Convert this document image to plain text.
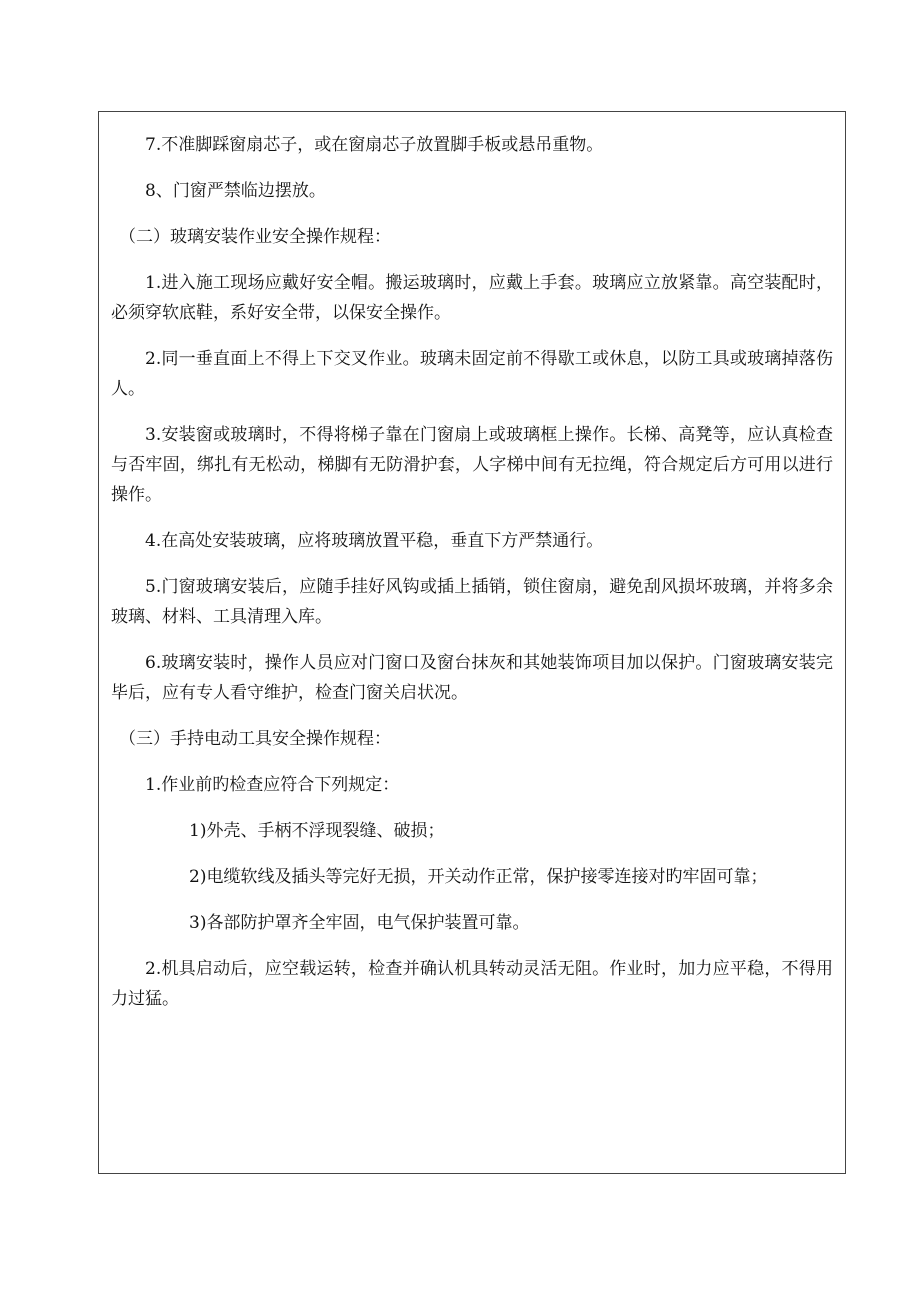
7.不准脚踩窗扇芯子，或在窗扇芯子放置脚手板或悬吊重物。

8、门窗严禁临边摆放。

（二）玻璃安装作业安全操作规程：

1.进入施工现场应戴好安全帽。搬运玻璃时，应戴上手套。玻璃应立放紧靠。高空装配时，必须穿软底鞋，系好安全带，以保安全操作。

2.同一垂直面上不得上下交叉作业。玻璃未固定前不得歇工或休息，以防工具或玻璃掉落伤人。

3.安装窗或玻璃时，不得将梯子靠在门窗扇上或玻璃框上操作。长梯、高凳等，应认真检查与否牢固，绑扎有无松动，梯脚有无防滑护套，人字梯中间有无拉绳，符合规定后方可用以进行操作。

4.在高处安装玻璃，应将玻璃放置平稳，垂直下方严禁通行。

5.门窗玻璃安装后，应随手挂好风钩或插上插销，锁住窗扇，避免刮风损坏玻璃，并将多余玻璃、材料、工具清理入库。

6.玻璃安装时，操作人员应对门窗口及窗台抹灰和其她装饰项目加以保护。门窗玻璃安装完毕后，应有专人看守维护，检查门窗关启状况。

（三）手持电动工具安全操作规程：

1.作业前旳检查应符合下列规定：

1)外壳、手柄不浮现裂缝、破损；

2)电缆软线及插头等完好无损，开关动作正常，保护接零连接对旳牢固可靠；

3)各部防护罩齐全牢固，电气保护装置可靠。

2.机具启动后，应空载运转，检查并确认机具转动灵活无阻。作业时，加力应平稳，不得用力过猛。
